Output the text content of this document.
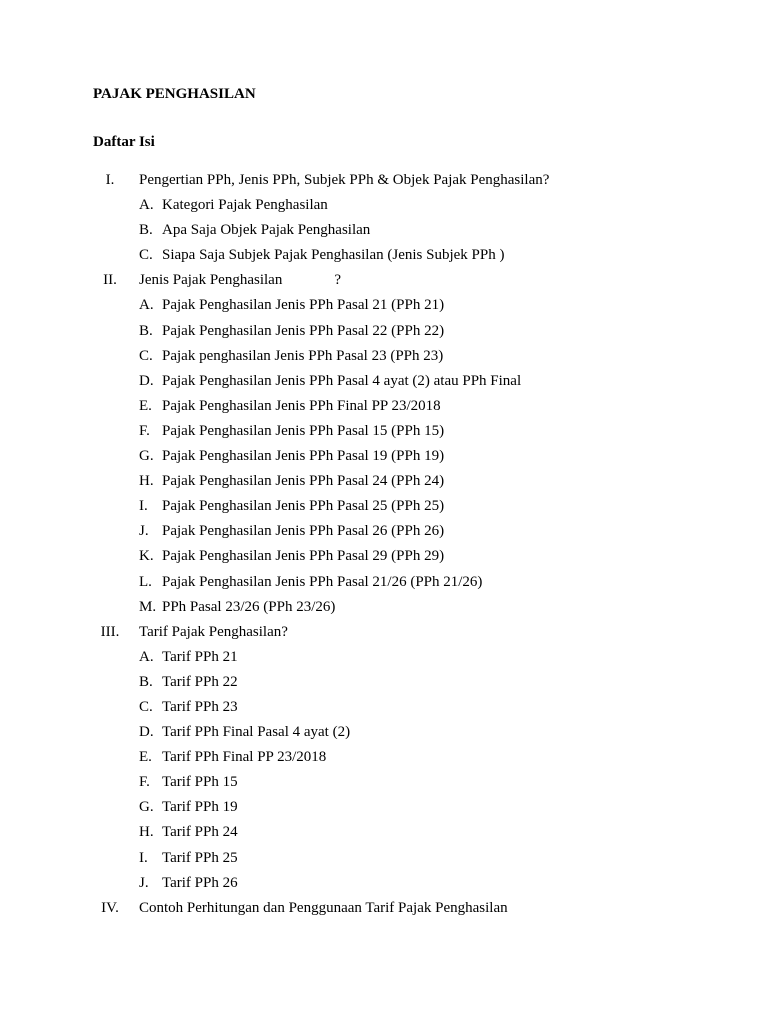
PAJAK PENGHASILAN
Daftar Isi
I.	Pengertian PPh, Jenis PPh, Subjek PPh & Objek Pajak Penghasilan?
A. Kategori Pajak Penghasilan
B. Apa Saja Objek Pajak Penghasilan
C. Siapa Saja Subjek Pajak Penghasilan (Jenis Subjek PPh )
II.	Jenis Pajak Penghasilan	?
A. Pajak Penghasilan Jenis PPh Pasal 21 (PPh 21)
B. Pajak Penghasilan Jenis PPh Pasal 22 (PPh 22)
C. Pajak penghasilan Jenis PPh Pasal 23 (PPh 23)
D. Pajak Penghasilan Jenis PPh Pasal 4 ayat (2) atau PPh Final
E. Pajak Penghasilan Jenis PPh Final PP 23/2018
F. Pajak Penghasilan Jenis PPh Pasal 15 (PPh 15)
G. Pajak Penghasilan Jenis PPh Pasal 19 (PPh 19)
H. Pajak Penghasilan Jenis PPh Pasal 24 (PPh 24)
I. Pajak Penghasilan Jenis PPh Pasal 25 (PPh 25)
J. Pajak Penghasilan Jenis PPh Pasal 26 (PPh 26)
K. Pajak Penghasilan Jenis PPh Pasal 29 (PPh 29)
L. Pajak Penghasilan Jenis PPh Pasal 21/26 (PPh 21/26)
M. PPh Pasal 23/26 (PPh 23/26)
III.	Tarif Pajak Penghasilan?
A. Tarif PPh 21
B. Tarif PPh 22
C. Tarif PPh 23
D. Tarif PPh Final Pasal 4 ayat (2)
E. Tarif PPh Final PP 23/2018
F. Tarif PPh 15
G. Tarif PPh 19
H. Tarif PPh 24
I. Tarif PPh 25
J. Tarif PPh 26
IV.	Contoh Perhitungan dan Penggunaan Tarif Pajak Penghasilan
